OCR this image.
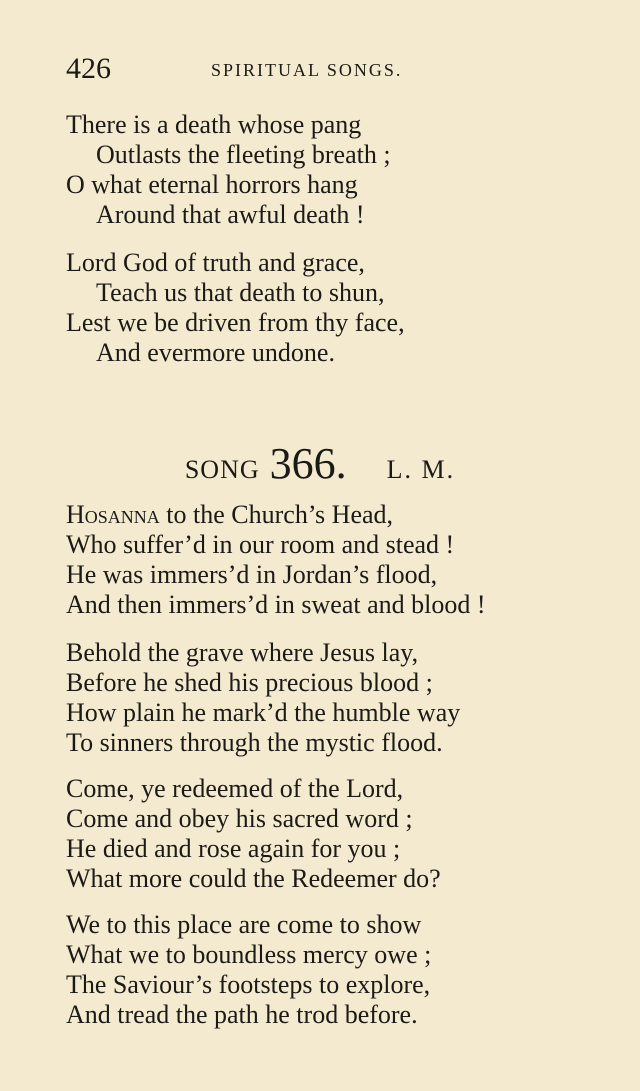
426	SPIRITUAL SONGS.
There is a death whose pang
Outlasts the fleeting breath ;
O what eternal horrors hang
Around that awful death !
Lord God of truth and grace,
Teach us that death to shun,
Lest we be driven from thy face,
And evermore undone.
SONG 366. L. M.
Hosanna to the Church’s Head,
Who suffer’d in our room and stead !
He was immers’d in Jordan’s flood,
And then immers’d in sweat and blood !
Behold the grave where Jesus lay,
Before he shed his precious blood ;
How plain he mark’d the humble way
To sinners through the mystic flood.
Come, ye redeemed of the Lord,
Come and obey his sacred word ;
He died and rose again for you ;
What more could the Redeemer do?
We to this place are come to show
What we to boundless mercy owe ;
The Saviour’s footsteps to explore,
And tread the path he trod before.
